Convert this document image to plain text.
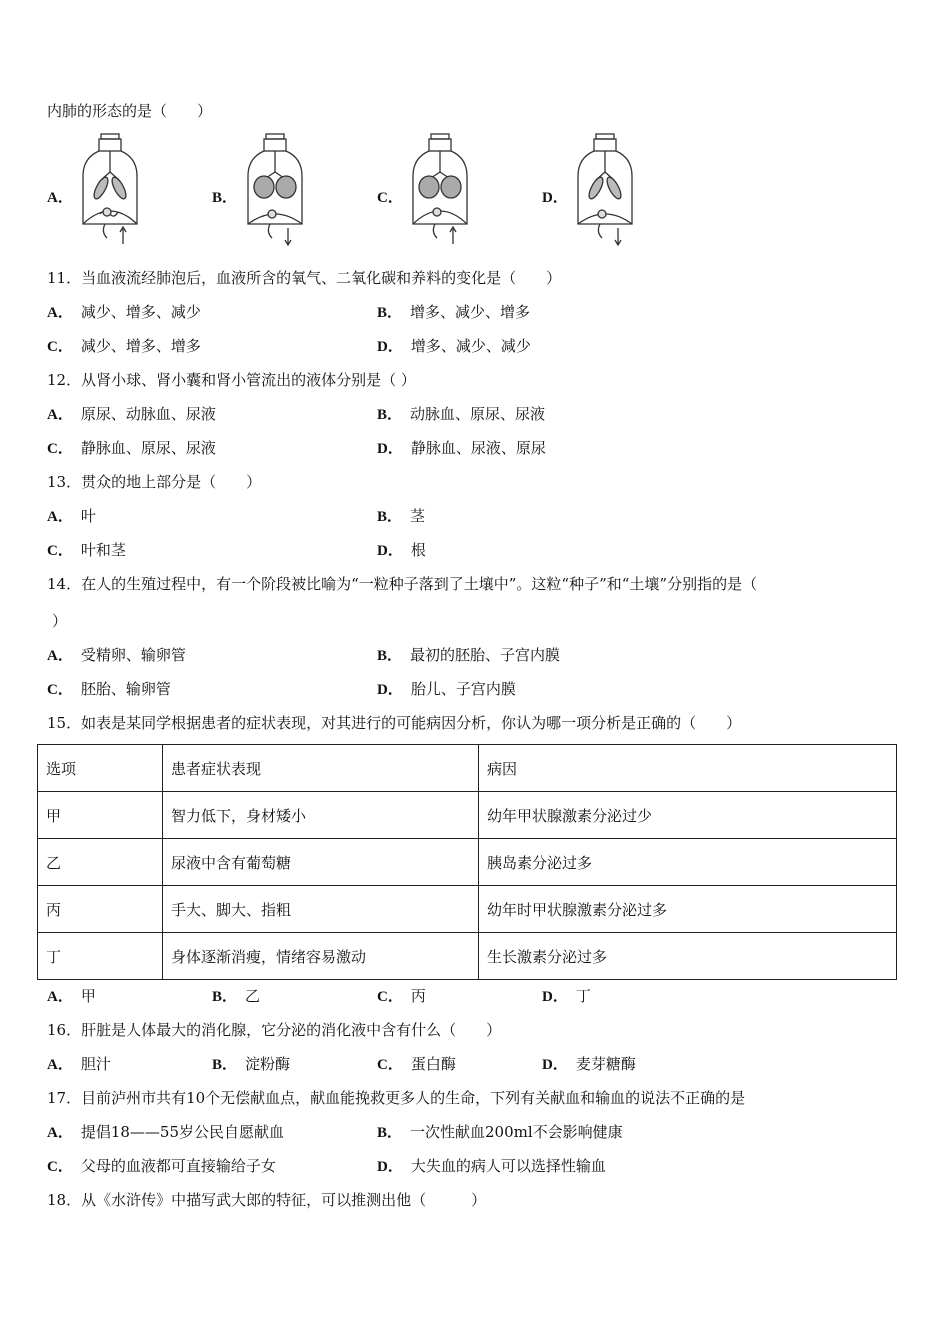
内肺的形态的是（　　）
A．	B．	C．	D．
11．当血液流经肺泡后，血液所含的氧气、二氧化碳和养料的变化是（　　）
A． 减少、增多、减少	B． 增多、减少、增多
C． 减少、增多、增多	D． 增多、减少、减少
12．从肾小球、肾小囊和肾小管流出的液体分别是（ ）
A． 原尿、动脉血、尿液	B． 动脉血、原尿、尿液
C． 静脉血、原尿、尿液	D． 静脉血、尿液、原尿
13．贯众的地上部分是（　　）
A． 叶	B． 茎
C． 叶和茎	D． 根
14．在人的生殖过程中，有一个阶段被比喻为“一粒种子落到了土壤中”。这粒“种子”和“土壤”分别指的是（
）
A． 受精卵、输卵管	B． 最初的胚胎、子宫内膜
C． 胚胎、输卵管	D． 胎儿、子宫内膜
15．如表是某同学根据患者的症状表现，对其进行的可能病因分析，你认为哪一项分析是正确的（　　）
选项	患者症状表现	病因
甲	智力低下，身材矮小	幼年甲状腺激素分泌过少
乙	尿液中含有葡萄糖	胰岛素分泌过多
丙	手大、脚大、指粗	幼年时甲状腺激素分泌过多
丁	身体逐渐消瘦，情绪容易激动	生长激素分泌过多
A． 甲	B． 乙	C． 丙	D． 丁
16．肝脏是人体最大的消化腺，它分泌的消化液中含有什么（　　）
A． 胆汁	B． 淀粉酶	C． 蛋白酶	D． 麦芽糖酶
17．目前泸州市共有10个无偿献血点，献血能挽救更多人的生命，下列有关献血和输血的说法不正确的是
A． 提倡18——55岁公民自愿献血	B． 一次性献血200ml不会影响健康
C． 父母的血液都可直接输给子女	D． 大失血的病人可以选择性输血
18．从《水浒传》中描写武大郎的特征，可以推测出他（　　　）
